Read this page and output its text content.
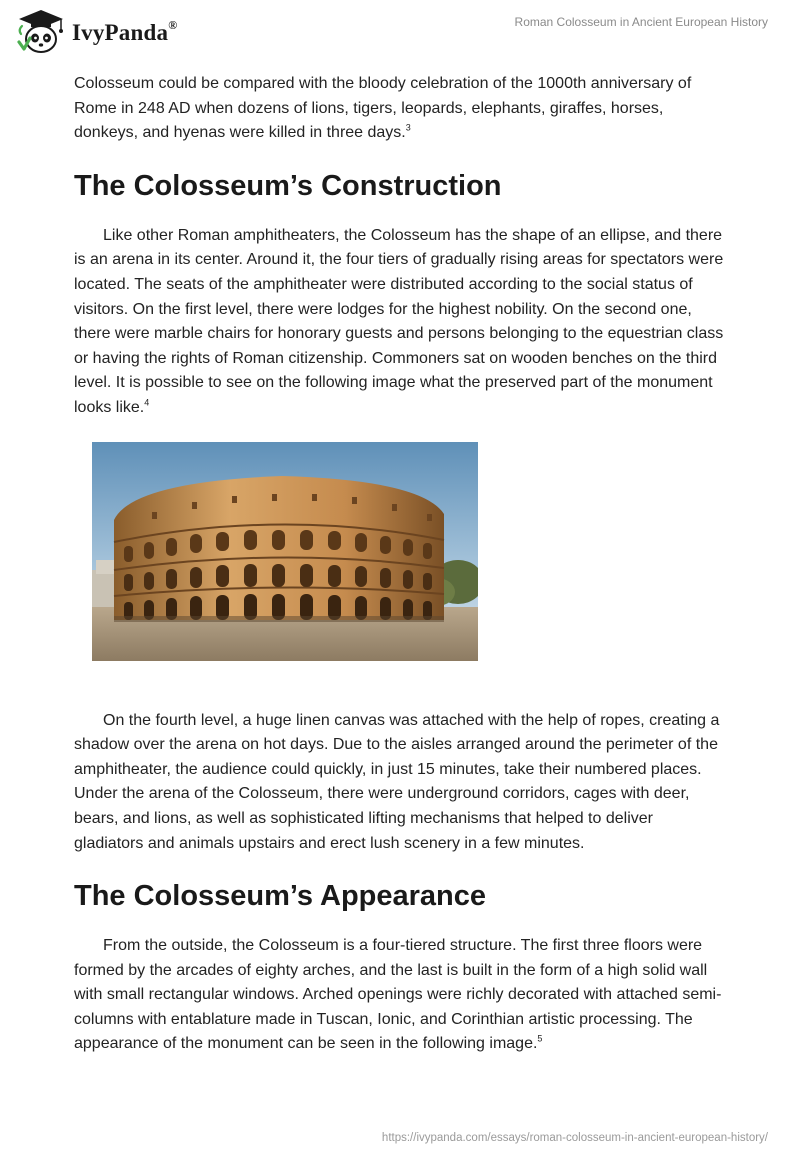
IvyPanda®	Roman Colosseum in Ancient European History

Colosseum could be compared with the bloody celebration of the 1000th anniversary of Rome in 248 AD when dozens of lions, tigers, leopards, elephants, giraffes, horses, donkeys, and hyenas were killed in three days.$^3$

The Colosseum’s Construction

Like other Roman amphitheaters, the Colosseum has the shape of an ellipse, and there is an arena in its center. Around it, the four tiers of gradually rising areas for spectators were located. The seats of the amphitheater were distributed according to the social status of visitors. On the first level, there were lodges for the highest nobility. On the second one, there were marble chairs for honorary guests and persons belonging to the equestrian class or having the rights of Roman citizenship. Commoners sat on wooden benches on the third level. It is possible to see on the following image what the preserved part of the monument looks like.$^4$

On the fourth level, a huge linen canvas was attached with the help of ropes, creating a shadow over the arena on hot days. Due to the aisles arranged around the perimeter of the amphitheater, the audience could quickly, in just 15 minutes, take their numbered places. Under the arena of the Colosseum, there were underground corridors, cages with deer, bears, and lions, as well as sophisticated lifting mechanisms that helped to deliver gladiators and animals upstairs and erect lush scenery in a few minutes.

The Colosseum’s Appearance

From the outside, the Colosseum is a four-tiered structure. The first three floors were formed by the arcades of eighty arches, and the last is built in the form of a high solid wall with small rectangular windows. Arched openings were richly decorated with attached semi-columns with entablature made in Tuscan, Ionic, and Corinthian artistic processing. The appearance of the monument can be seen in the following image.$^5$

https://ivypanda.com/essays/roman-colosseum-in-ancient-european-history/
